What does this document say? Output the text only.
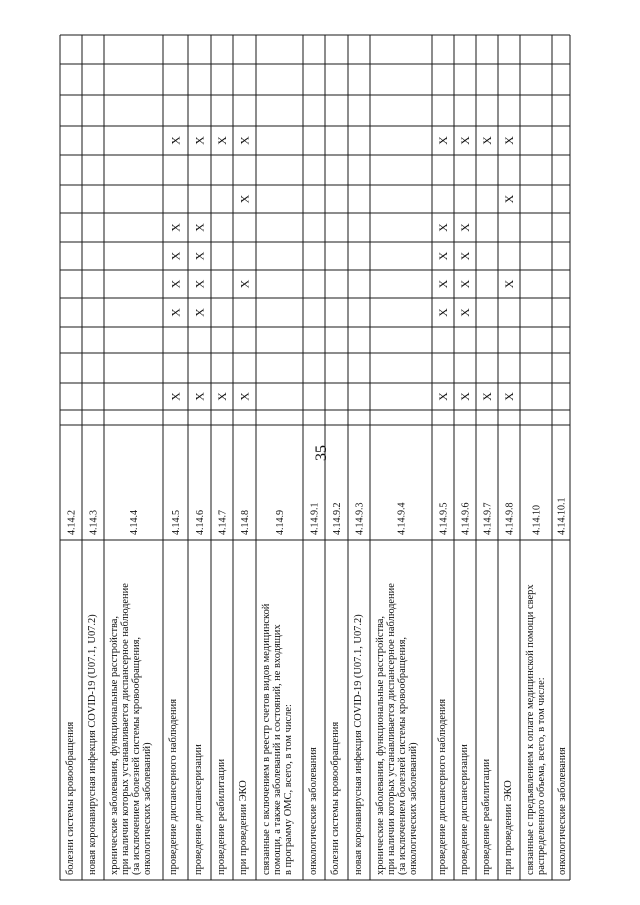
35
болезни системы кровообращения
4.14.2
новая коронавирусная инфекция COVID-19 (U07.1, U07.2)
4.14.3
хронические заболевания, функциональные расстройства, при наличии которых устанавливается диспансерное наблюдение (за исключением болезней системы кровообращения, онкологических заболеваний)
4.14.4
проведение диспансерного наблюдения
4.14.5
X
X
X
X
X
X
проведение диспансеризации
4.14.6
X
X
X
X
X
X
проведение реабилитации
4.14.7
X
X
при проведении ЭКО
4.14.8
X
X
X
X
связанные с включением в реестр счетов видов медицинской помощи, а также заболеваний и состояний, не входящих в программу ОМС, всего, в том числе:
4.14.9
онкологические заболевания
4.14.9.1
болезни системы кровообращения
4.14.9.2
новая коронавирусная инфекция COVID-19 (U07.1, U07.2)
4.14.9.3
хронические заболевания, функциональные расстройства, при наличии которых устанавливается диспансерное наблюдение (за исключением болезней системы кровообращения, онкологических заболеваний)
4.14.9.4
проведение диспансерного наблюдения
4.14.9.5
X
X
X
X
X
X
проведение диспансеризации
4.14.9.6
X
X
X
X
X
X
проведение реабилитации
4.14.9.7
X
X
при проведении ЭКО
4.14.9.8
X
X
X
X
связанные с предъявлением к оплате медицинской помощи сверх распределенного объема, всего, в том числе:
4.14.10
онкологические заболевания
4.14.10.1
